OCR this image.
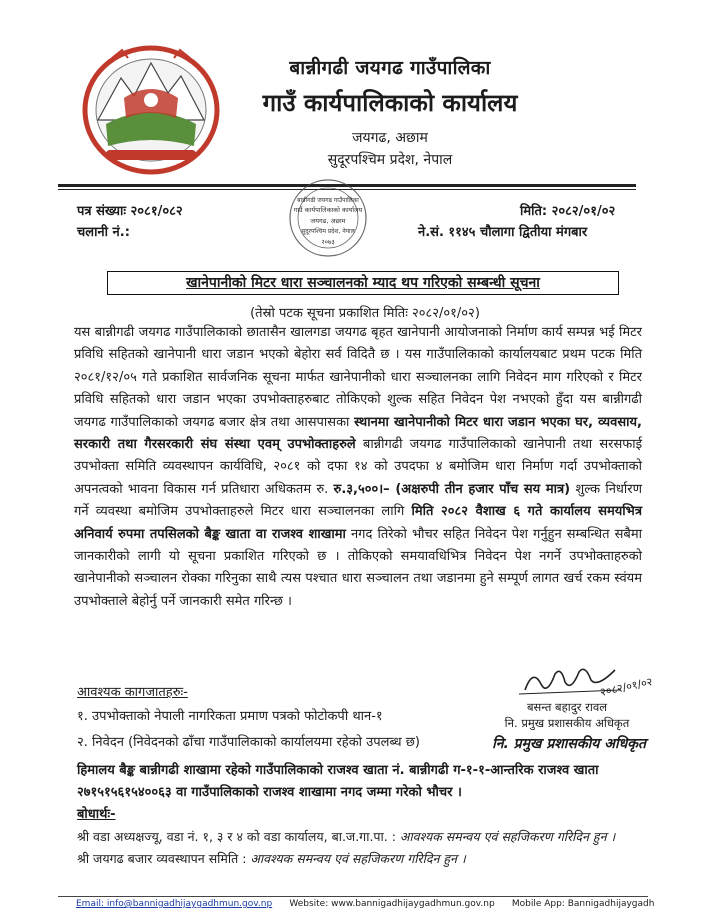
बान्नीगढी जयगढ गाउँपालिका
गाउँ कार्यपालिकाको कार्यालय
जयगढ, अछाम
सुदूरपश्चिम प्रदेश, नेपाल
पत्र संख्याः २०८१/०८२
चलानी नं.:
मिति: २०८२/०१/०२
ने.सं. ११४५ चौलागा द्वितीया मंगबार
बान्नीगढी जयगढ गाउँपालिका
गाउँ कार्यपालिकाको कार्यालय
जयगढ, अछाम
सुदूरपश्चिम प्रदेश, नेपाल
२०७३
खानेपानीको मिटर धारा सञ्चालनको म्याद थप गरिएको सम्बन्धी सूचना
(तेस्रो पटक सूचना प्रकाशित मितिः २०८२/०१/०२)
यस बान्नीगढी जयगढ गाउँपालिकाको छातासैन खालगडा जयगढ बृहत खानेपानी आयोजनाको निर्माण कार्य सम्पन्न भई मिटर प्रविधि सहितको खानेपानी धारा जडान भएको बेहोरा सर्व विदितै छ । यस गाउँपालिकाको कार्यालयबाट प्रथम पटक मिति २०८१/१२/०५ गते प्रकाशित सार्वजनिक सूचना मार्फत खानेपानीको धारा सञ्चालनका लागि निवेदन माग गरिएको र मिटर प्रविधि सहितको धारा जडान भएका उपभोक्ताहरुबाट तोकिएको शुल्क सहित निवेदन पेश नभएको हुँदा यस बान्नीगढी जयगढ गाउँपालिकाको जयगढ बजार क्षेत्र तथा आसपासका स्थानमा खानेपानीको मिटर धारा जडान भएका घर, व्यवसाय, सरकारी तथा गैरसरकारी संघ संस्था एवम् उपभोक्ताहरुले बान्नीगढी जयगढ गाउँपालिकाको खानेपानी तथा सरसफाई उपभोक्ता समिति व्यवस्थापन कार्यविधि, २०८१ को दफा १४ को उपदफा ४ बमोजिम धारा निर्माण गर्दा उपभोक्ताको अपनत्वको भावना विकास गर्न प्रतिधारा अधिकतम रु. रु.३,५००।– (अक्षरुपी तीन हजार पाँच सय मात्र) शुल्क निर्धारण गर्ने व्यवस्था बमोजिम उपभोक्ताहरुले मिटर धारा सञ्चालनका लागि मिति २०८२ वैशाख ६ गते कार्यालय समयभित्र अनिवार्य रुपमा तपसिलको बैङ्क खाता वा राजश्व शाखामा नगद तिरेको भौचर सहित निवेदन पेश गर्नुहुन सम्बन्धित सबैमा जानकारीको लागी यो सूचना प्रकाशित गरिएको छ । तोकिएको समयावधिभित्र निवेदन पेश नगर्ने उपभोक्ताहरुको खानेपानीको सञ्चालन रोक्का गरिनुका साथै त्यस पश्चात धारा सञ्चालन तथा जडानमा हुने सम्पूर्ण लागत खर्च रकम स्वंयम उपभोक्ताले बेहोर्नु पर्ने जानकारी समेत गरिन्छ ।
आवश्यक कागजातहरुः-
१. उपभोक्ताको नेपाली नागरिकता प्रमाण पत्रको फोटोकपी थान-१
२. निवेदन (निवेदनको ढाँचा गाउँपालिकाको कार्यालयमा रहेको उपलब्ध छ)
२०८२/०१/०२
बसन्त बहादुर रावल
नि. प्रमुख प्रशासकीय अधिकृत
नि. प्रमुख प्रशासकीय अधिकृत
हिमालय बैङ्क बान्नीगढी शाखामा रहेको गाउँपालिकाको राजश्व खाता नं. बान्नीगढी ग-१-१-आन्तरिक राजश्व खाता २७१५१५६१५४००६३ वा गाउँपालिकाको राजश्व शाखामा नगद जम्मा गरेको भौचर ।
बोधार्थः-
श्री वडा अध्यक्षज्यू, वडा नं. १, ३ र ४ को वडा कार्यालय, बा.ज.गा.पा. : आवश्यक समन्वय एवं सहजिकरण गरिदिन हुन ।
श्री जयगढ बजार व्यवस्थापन समिति : आवश्यक समन्वय एवं सहजिकरण गरिदिन हुन ।
Email: info@bannigadhijaygadhmun.gov.np Website: www.bannigadhijaygadhmun.gov.np Mobile App: Bannigadhijaygadh
